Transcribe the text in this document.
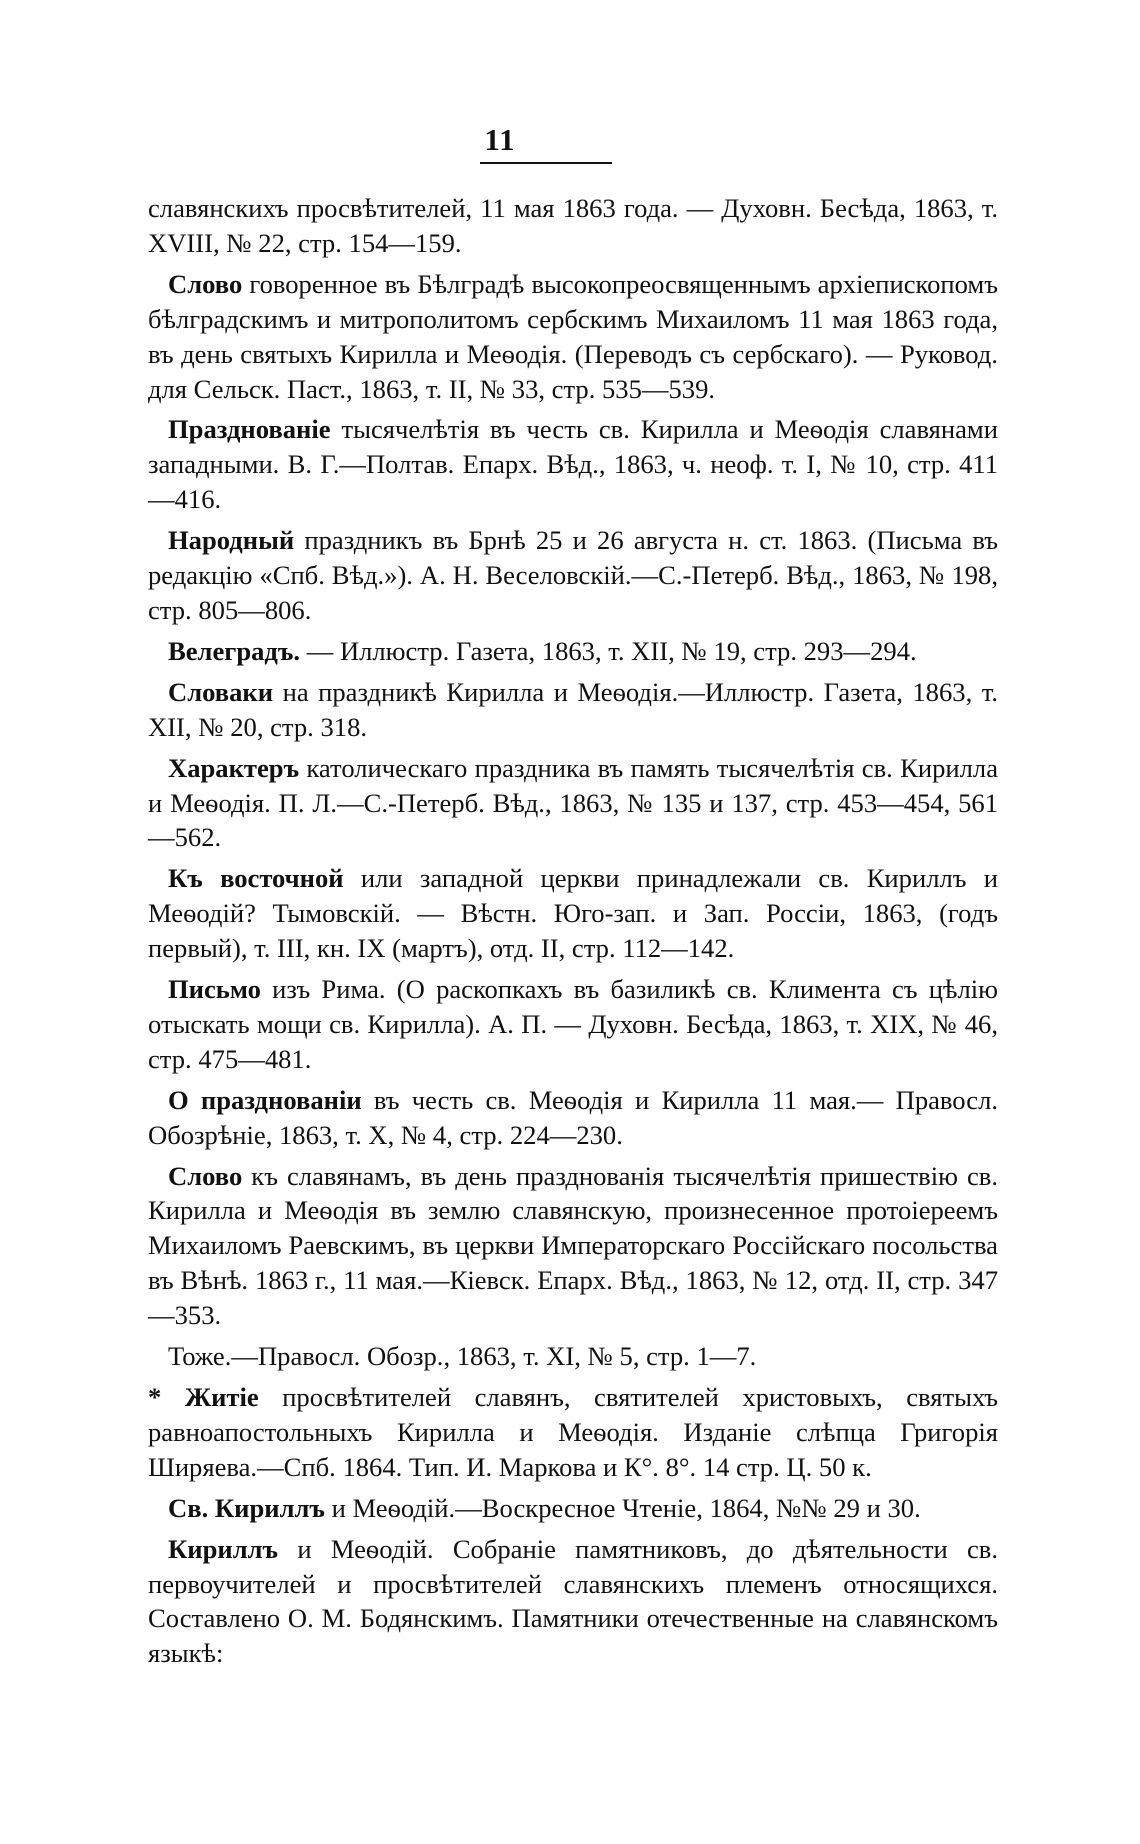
11

славянскихъ просвѣтителей, 11 мая 1863 года. — Духовн. Бесѣда, 1863, т. XVIII, № 22, стр. 154—159.

Слово говоренное въ Бѣлградѣ высокопреосвященнымъ архіепископомъ бѣлградскимъ и митрополитомъ сербскимъ Михаиломъ 11 мая 1863 года, въ день святыхъ Кирилла и Меѳодія. (Переводъ съ сербскаго). — Руковод. для Сельск. Паст., 1863, т. II, № 33, стр. 535—539.

Празднованіе тысячелѣтія въ честь св. Кирилла и Меѳодія славянами западными. В. Г.—Полтав. Епарх. Вѣд., 1863, ч. неоф. т. I, № 10, стр. 411—416.

Народный праздникъ въ Брнѣ 25 и 26 августа н. ст. 1863. (Письма въ редакцію «Спб. Вѣд.»). А. Н. Веселовскій.—С.-Петерб. Вѣд., 1863, № 198, стр. 805—806.

Велеградъ. — Иллюстр. Газета, 1863, т. XII, № 19, стр. 293—294.

Словаки на праздникѣ Кирилла и Меѳодія.—Иллюстр. Газета, 1863, т. XII, № 20, стр. 318.

Характеръ католическаго праздника въ память тысячелѣтія св. Кирилла и Меѳодія. П. Л.—С.-Петерб. Вѣд., 1863, № 135 и 137, стр. 453—454, 561—562.

Къ восточной или западной церкви принадлежали св. Кириллъ и Меѳодій? Тымовскій. — Вѣстн. Юго-зап. и Зап. Россіи, 1863, (годъ первый), т. III, кн. IX (мартъ), отд. II, стр. 112—142.

Письмо изъ Рима. (О раскопкахъ въ базиликѣ св. Климента съ цѣлію отыскать мощи св. Кирилла). А. П. — Духовн. Бесѣда, 1863, т. XIX, № 46, стр. 475—481.

О празднованіи въ честь св. Меѳодія и Кирилла 11 мая.— Правосл. Обозрѣніе, 1863, т. X, № 4, стр. 224—230.

Слово къ славянамъ, въ день празднованія тысячелѣтія пришествію св. Кирилла и Меѳодія въ землю славянскую, произнесенное протоіереемъ Михаиломъ Раевскимъ, въ церкви Императорскаго Россійскаго посольства въ Вѣнѣ. 1863 г., 11 мая.—Кіевск. Епарх. Вѣд., 1863, № 12, отд. II, стр. 347—353.

Тоже.—Правосл. Обозр., 1863, т. XI, № 5, стр. 1—7.

* Житіе просвѣтителей славянъ, святителей христовыхъ, святыхъ равноапостольныхъ Кирилла и Меѳодія. Изданіе слѣпца Григорія Ширяева.—Спб. 1864. Тип. И. Маркова и К°. 8°. 14 стр. Ц. 50 к.

Св. Кириллъ и Меѳодій.—Воскресное Чтеніе, 1864, №№ 29 и 30.

Кириллъ и Меѳодій. Собраніе памятниковъ, до дѣятельности св. первоучителей и просвѣтителей славянскихъ племенъ относящихся. Составлено О. М. Бодянскимъ. Памятники отечественные на славянскомъ языкѣ:
